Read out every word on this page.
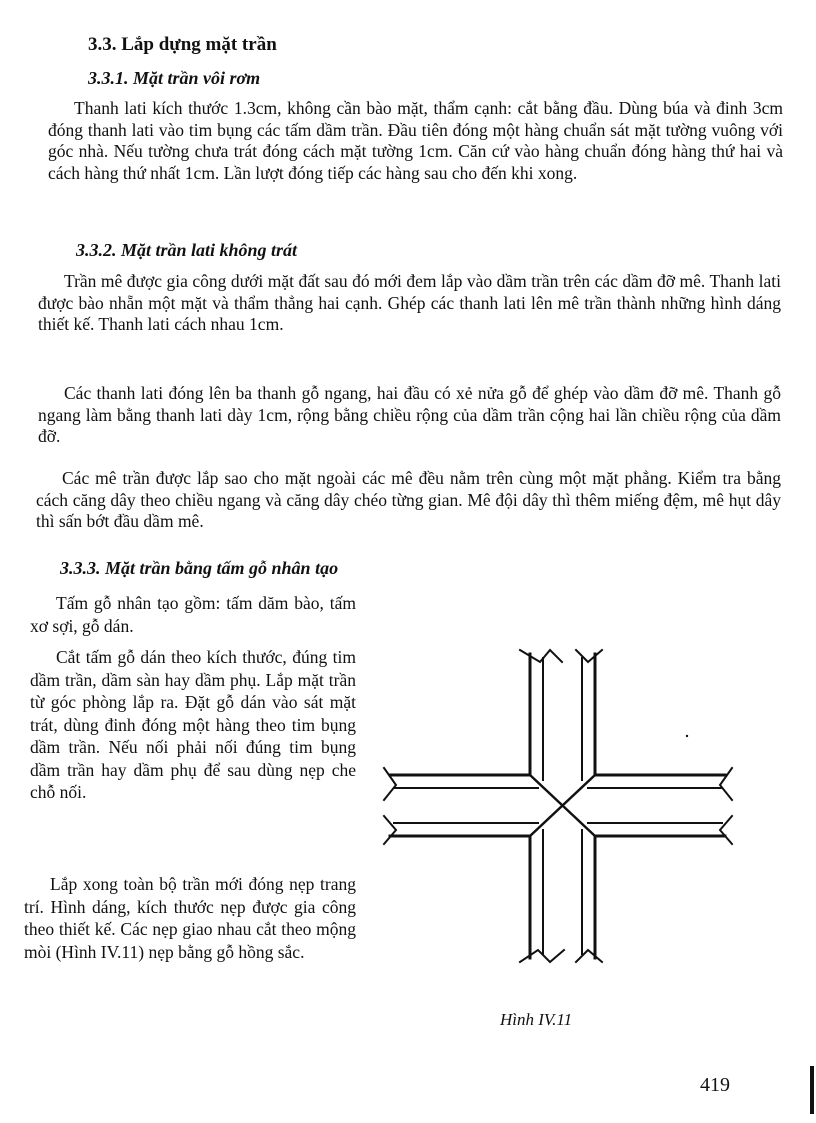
3.3. Lắp dựng mặt trần
3.3.1. Mặt trần vôi rơm

Thanh lati kích thước 1.3cm, không cần bào mặt, thẩm cạnh: cắt bằng đầu. Dùng búa và đinh 3cm đóng thanh lati vào tim bụng các tấm dầm trần. Đầu tiên đóng một hàng chuẩn sát mặt tường vuông với góc nhà. Nếu tường chưa trát đóng cách mặt tường 1cm. Căn cứ vào hàng chuẩn đóng hàng thứ hai và cách hàng thứ nhất 1cm. Lần lượt đóng tiếp các hàng sau cho đến khi xong.

3.3.2. Mặt trần lati không trát

Trần mê được gia công dưới mặt đất sau đó mới đem lắp vào dầm trần trên các dầm đỡ mê. Thanh lati được bào nhẵn một mặt và thẩm thẳng hai cạnh. Ghép các thanh lati lên mê trần thành những hình dáng thiết kế. Thanh lati cách nhau 1cm.

Các thanh lati đóng lên ba thanh gỗ ngang, hai đầu có xẻ nửa gỗ để ghép vào dầm đỡ mê. Thanh gỗ ngang làm bằng thanh lati dày 1cm, rộng bằng chiều rộng của dầm trần cộng hai lần chiều rộng của dầm đỡ.

Các mê trần được lắp sao cho mặt ngoài các mê đều nằm trên cùng một mặt phẳng. Kiểm tra bằng cách căng dây theo chiều ngang và căng dây chéo từng gian. Mê đội dây thì thêm miếng đệm, mê hụt dây thì sấn bớt đầu dầm mê.

3.3.3. Mặt trần bằng tấm gỗ nhân tạo

Tấm gỗ nhân tạo gồm: tấm dăm bào, tấm xơ sợi, gỗ dán.

Cắt tấm gỗ dán theo kích thước, đúng tim dầm trần, dầm sàn hay dầm phụ. Lắp mặt trần từ góc phòng lắp ra. Đặt gỗ dán vào sát mặt trát, dùng đinh đóng một hàng theo tim bụng dầm trần. Nếu nối phải nối đúng tim bụng dầm trần hay dầm phụ để sau dùng nẹp che chỗ nối.

Lắp xong toàn bộ trần mới đóng nẹp trang trí. Hình dáng, kích thước nẹp được gia công theo thiết kế. Các nẹp giao nhau cắt theo mộng mòi (Hình IV.11) nẹp bằng gỗ hồng sắc.

Hình IV.11
419
